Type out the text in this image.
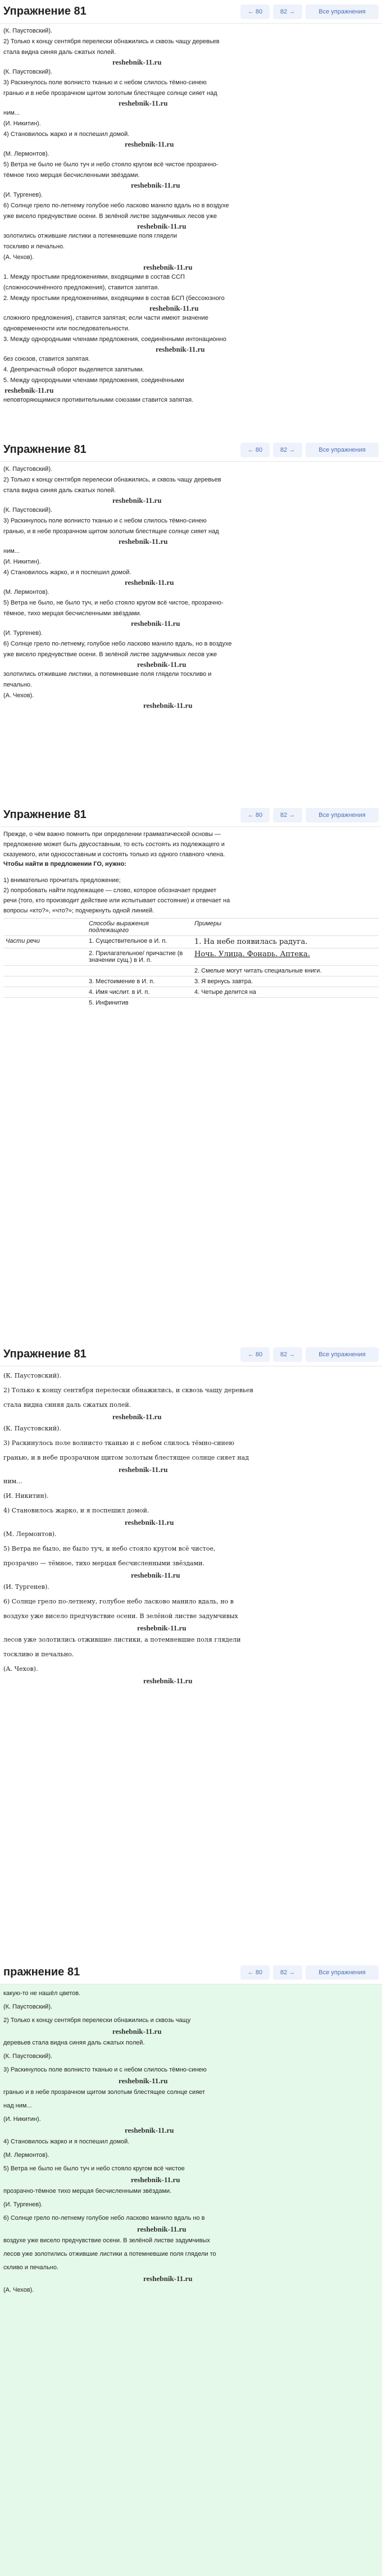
Упражнение 81	← 80	82 →	Все упражнения

(К. Паустовский).

2) Только к концу сентября перелески обнажились и сквозь чащу деревьев

стала видна синяя даль сжатых полей.

reshebnik-11.ru

(К. Паустовский).

3) Раскинулось поле волнисто тканью и с небом слилось тёмно-синею

гранью и в небе прозрачном щитом золотым блестящее солнце сияет над

reshebnik-11.ru

ним...

(И. Никитин).

4) Становилось жарко и я поспешил домой.

reshebnik-11.ru

(М. Лермонтов).

5) Ветра не было не было туч и небо стояло кругом всё чистое прозрачно-

тёмное тихо мерцая бесчисленными звёздами.

reshebnik-11.ru

(И. Тургенев).

6) Солнце грело по-летнему голубое небо ласково манило вдаль но в воздухе

уже висело предчувствие осени. В зелёной листве задумчивых лесов уже

reshebnik-11.ru

золотились отжившие листики а потемневшие поля глядели

тоскливо и печально.

(А. Чехов).

reshebnik-11.ru

1. Между простыми предложениями, входящими в состав ССП

(сложносочинённого предложения), ставится запятая.

2. Между простыми предложениями, входящими в состав БСП (бессоюзного

reshebnik-11.ru

сложного предложения), ставится запятая; если части имеют значение

одновременности или последовательности.

3. Между однородными членами предложения, соединёнными интонационно

reshebnik-11.ru

без союзов, ставится запятая.

4. Деепричастный оборот выделяется запятыми.

5. Между однородными членами предложения, соединёнными

reshebnik-11.ru

неповторяющимися противительными союзами ставится запятая.

Упражнение 81	← 80	82 →	Все упражнения

(К. Паустовский).

2) Только к концу сентября перелески обнажились, и сквозь чащу деревьев

стала видна синяя даль сжатых полей.

reshebnik-11.ru

(К. Паустовский).

3) Раскинулось поле волнисто тканью и с небом слилось тёмно-синею

гранью, и в небе прозрачном щитом золотым блестящее солнце сияет над

reshebnik-11.ru

ним...

(И. Никитин).

4) Становилось жарко, и я поспешил домой.

reshebnik-11.ru

(М. Лермонтов).

5) Ветра не было, не было туч, и небо стояло кругом всё чистое, прозрачно-

тёмное, тихо мерцая бесчисленными звёздами.

reshebnik-11.ru

(И. Тургенев).

6) Солнце грело по-летнему, голубое небо ласково манило вдаль, но в воздухе

уже висело предчувствие осени. В зелёной листве задумчивых лесов уже

reshebnik-11.ru

золотились отжившие листики, а потемневшие поля глядели тоскливо и

печально.

(А. Чехов).

reshebnik-11.ru
Упражнение 81	← 80	82 →	Все упражнения

Прежде, о чём важно помнить при определении грамматической основы —

предложение может быть двусоставным, то есть состоять из подлежащего и

сказуемого, или односоставным и состоять только из одного главного члена.

Чтобы найти в предложении ГО, нужно:

1) внимательно прочитать предложение;

2) попробовать найти подлежащее — слово, которое обозначает предмет

речи (того, кто производит действие или испытывает состояние) и отвечает на

вопросы «кто?», «что?»; подчеркнуть одной линией.

	Способы выражения подлежащего	Примеры
Части речи	1. Существительное в И. п.	1. На небе появилась радуга.
	2. Прилагательное/ причастие (в значении сущ.) в И. п.	Ночь. Улица. Фонарь. Аптека.
		2. Смелые могут читать специальные книги.
	3. Местоимение в И. п.	3. Я вернусь завтра.
	4. Имя числит. в И. п.	4. Четыре делится на
	5. Инфинитив	
Упражнение 81	← 80	82 →	Все упражнения

(К. Паустовский).

2) Только к концу сентября перелески обнажились, и сквозь чащу деревьев

стала видна синяя даль сжатых полей.

reshebnik-11.ru

(К. Паустовский).

3) Раскинулось поле волнисто тканью и с небом слилось тёмно-синею

гранью, и в небе прозрачном щитом золотым блестящее солнце сияет над

reshebnik-11.ru

ним...

(И. Никитин).

4) Становилось жарко, и я поспешил домой.

reshebnik-11.ru

(М. Лермонтов).

5) Ветра не было, не было туч, и небо стояло кругом всё чистое,

прозрачно — тёмное, тихо мерцая бесчисленными звёздами.

reshebnik-11.ru

(И. Тургенев).

6) Солнце грело по-летнему, голубое небо ласково манило вдаль, но в

воздухе уже висело предчувствие осени. В зелёной листве задумчивых

reshebnik-11.ru

лесов уже золотились отжившие листики, а потемневшие поля глядели

тоскливо и печально.

(А. Чехов).

reshebnik-11.ru
пражнение 81	← 80	82 →	Все упражнения

какую-то не нашёл цветов.

(К. Паустовский).

2) Только к концу сентября перелески обнажились и сквозь чащу

reshebnik-11.ru

деревьев стала видна синяя даль сжатых полей.

(К. Паустовский).

3) Раскинулось поле волнисто тканью и с небом слилось тёмно-синею

reshebnik-11.ru

гранью и в небе прозрачном щитом золотым блестящее солнце сияет

над ним...

(И. Никитин).

reshebnik-11.ru

4) Становилось жарко и я поспешил домой.

(М. Лермонтов).

5) Ветра не было не было туч и небо стояло кругом всё чистое

reshebnik-11.ru

прозрачно-тёмное тихо мерцая бесчисленными звёздами.

(И. Тургенев).

6) Солнце грело по-летнему голубое небо ласково манило вдаль но в

reshebnik-11.ru

воздухе уже висело предчувствие осени. В зелёной листве задумчивых

лесов уже золотились отжившие листики а потемневшие поля глядели то

скливо и печально.

reshebnik-11.ru

(А. Чехов).
